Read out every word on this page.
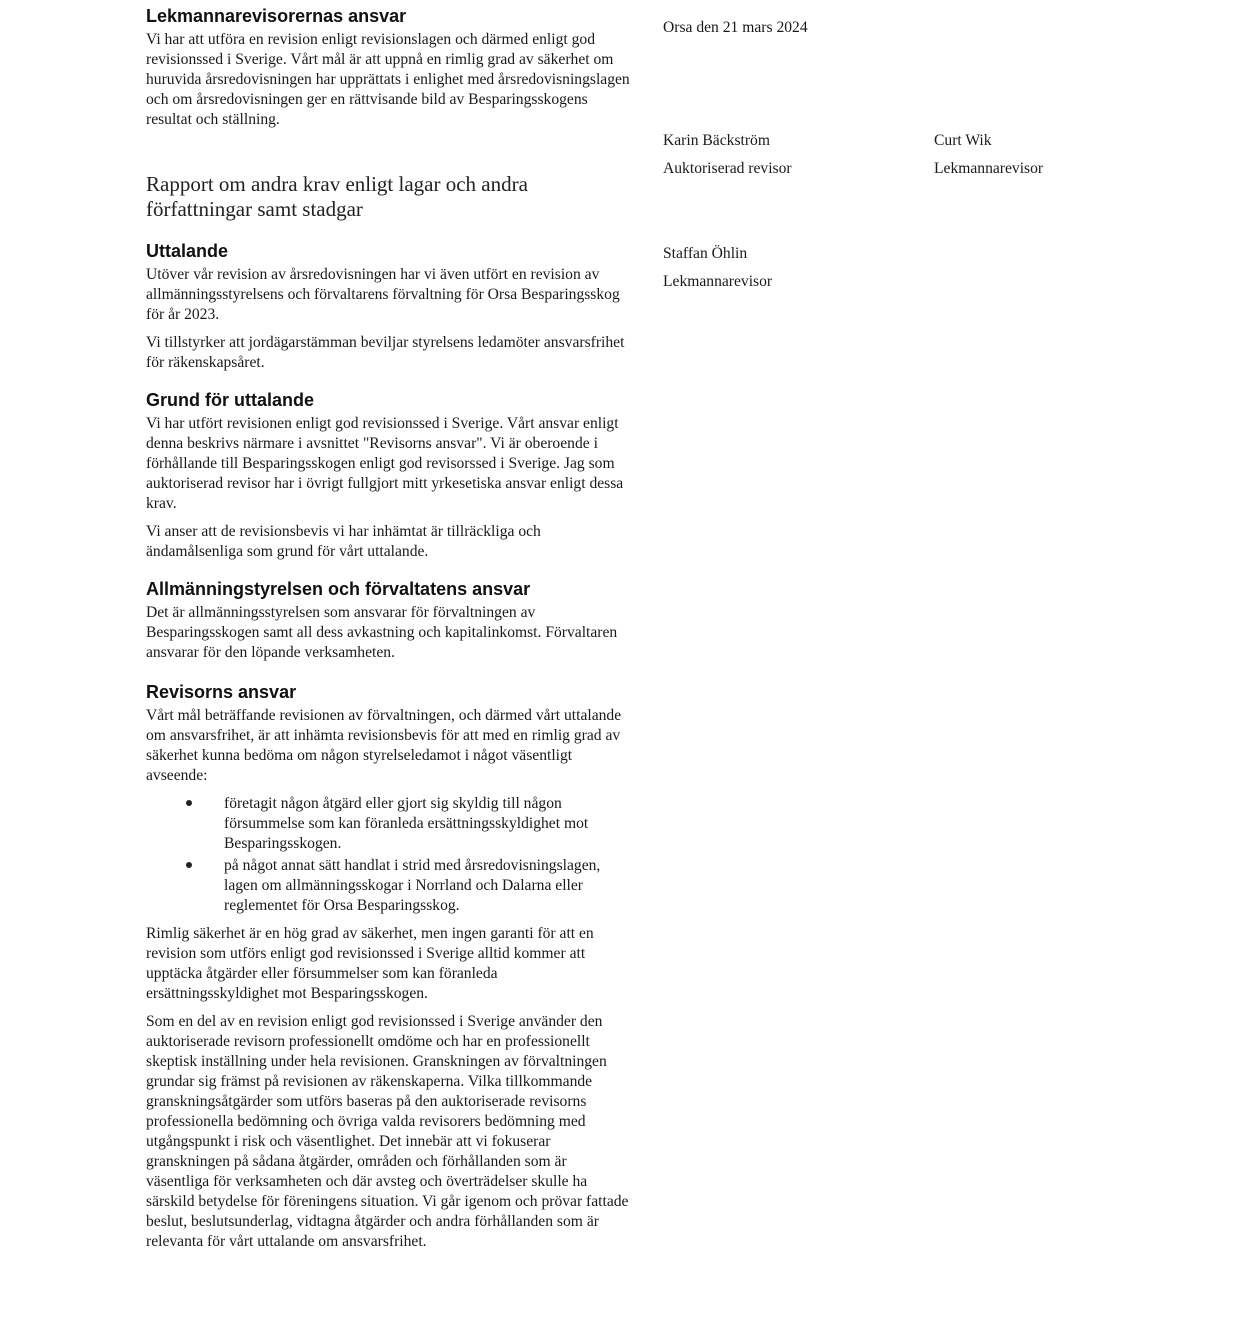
Lekmannarevisorernas ansvar

Vi har att utföra en revision enligt revisionslagen och därmed enligt god revisionssed i Sverige. Vårt mål är att uppnå en rimlig grad av säkerhet om huruvida årsredovisningen har upprättats i enlighet med årsredovisningslagen och om årsredovisningen ger en rättvisande bild av Besparingsskogens resultat och ställning.

Rapport om andra krav enligt lagar och andra
författningar samt stadgar
Uttalande

Utöver vår revision av årsredovisningen har vi även utfört en revision av allmänningsstyrelsens och förvaltarens förvaltning för Orsa Besparingsskog för år 2023.

Vi tillstyrker att jordägarstämman beviljar styrelsens ledamöter ansvarsfrihet för räkenskapsåret.

Grund för uttalande

Vi har utfört revisionen enligt god revisionssed i Sverige. Vårt ansvar enligt denna beskrivs närmare i avsnittet "Revisorns ansvar". Vi är oberoende i förhållande till Besparingsskogen enligt god revisorssed i Sverige. Jag som auktoriserad revisor har i övrigt fullgjort mitt yrkesetiska ansvar enligt dessa krav.

Vi anser att de revisionsbevis vi har inhämtat är tillräckliga och ändamålsenliga som grund för vårt uttalande.

Allmänningstyrelsen och förvaltatens ansvar

Det är allmänningsstyrelsen som ansvarar för förvaltningen av Besparingsskogen samt all dess avkastning och kapitalinkomst. Förvaltaren ansvarar för den löpande verksamheten.

Revisorns ansvar

Vårt mål beträffande revisionen av förvaltningen, och därmed vårt uttalande om ansvarsfrihet, är att inhämta revisionsbevis för att med en rimlig grad av säkerhet kunna bedöma om någon styrelseledamot i något väsentligt avseende:

företagit någon åtgärd eller gjort sig skyldig till någon försummelse som kan föranleda ersättningsskyldighet mot Besparingsskogen.
på något annat sätt handlat i strid med årsredovisningslagen, lagen om allmänningsskogar i Norrland och Dalarna eller reglementet för Orsa Besparingsskog.

Rimlig säkerhet är en hög grad av säkerhet, men ingen garanti för att en revision som utförs enligt god revisionssed i Sverige alltid kommer att upptäcka åtgärder eller försummelser som kan föranleda ersättningsskyldighet mot Besparingsskogen.

Som en del av en revision enligt god revisionssed i Sverige använder den auktoriserade revisorn professionellt omdöme och har en professionellt skeptisk inställning under hela revisionen. Granskningen av förvaltningen grundar sig främst på revisionen av räkenskaperna. Vilka tillkommande granskningsåtgärder som utförs baseras på den auktoriserade revisorns professionella bedömning och övriga valda revisorers bedömning med utgångspunkt i risk och väsentlighet. Det innebär att vi fokuserar granskningen på sådana åtgärder, områden och förhållanden som är väsentliga för verksamheten och där avsteg och överträdelser skulle ha särskild betydelse för föreningens situation. Vi går igenom och prövar fattade beslut, beslutsunderlag, vidtagna åtgärder och andra förhållanden som är relevanta för vårt uttalande om ansvarsfrihet.

Orsa den 21 mars 2024
Karin Bäckström
Auktoriserad revisor
Curt Wik
Lekmannarevisor
Staffan Öhlin
Lekmannarevisor
